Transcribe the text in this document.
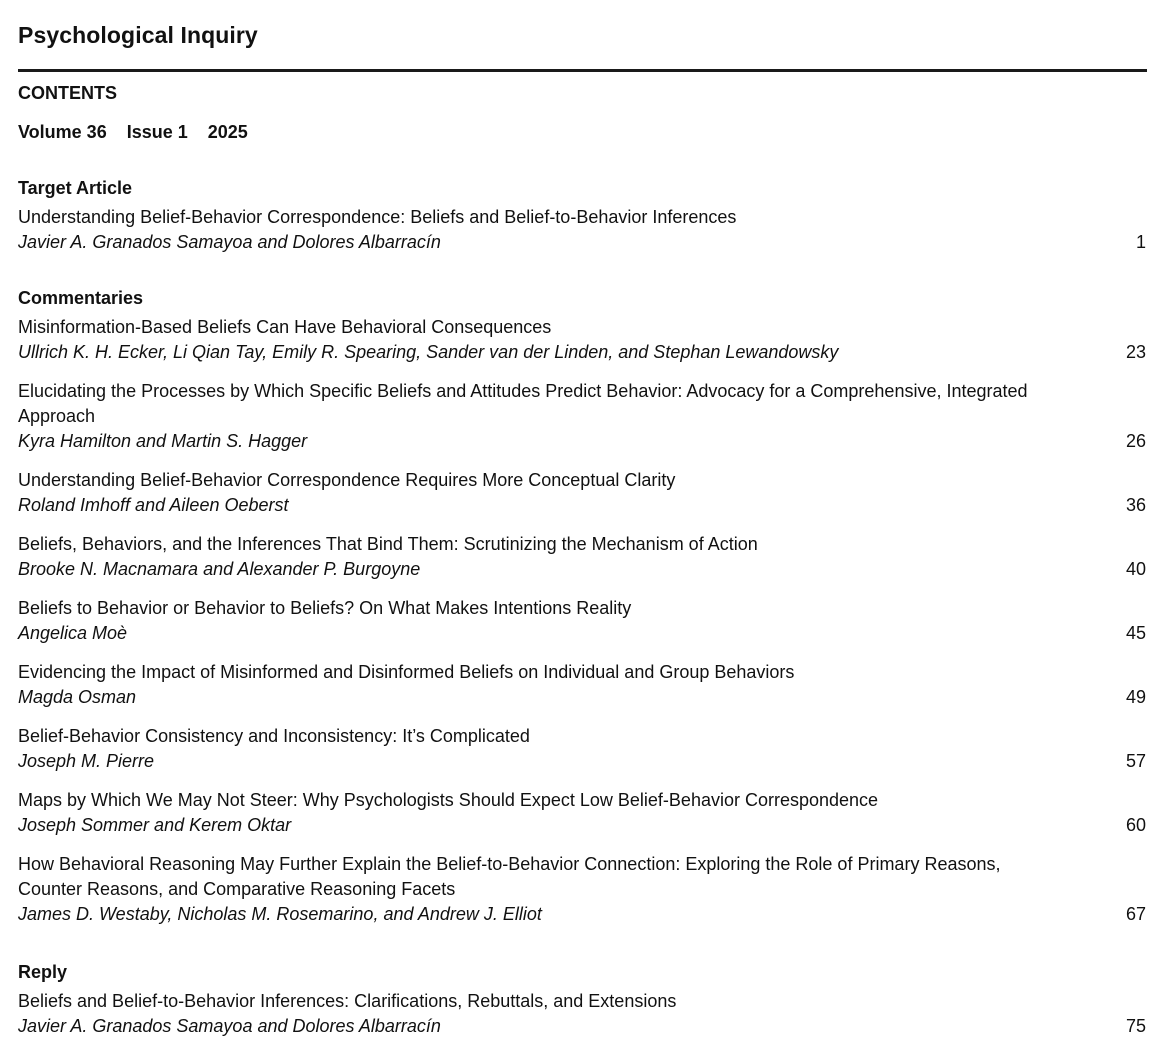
Psychological Inquiry
CONTENTS
Volume 36 Issue 1 2025
Target Article
Understanding Belief-Behavior Correspondence: Beliefs and Belief-to-Behavior Inferences
Javier A. Granados Samayoa and Dolores Albarracín	1
Commentaries
Misinformation-Based Beliefs Can Have Behavioral Consequences
Ullrich K. H. Ecker, Li Qian Tay, Emily R. Spearing, Sander van der Linden, and Stephan Lewandowsky	23
Elucidating the Processes by Which Specific Beliefs and Attitudes Predict Behavior: Advocacy for a Comprehensive, Integrated Approach
Kyra Hamilton and Martin S. Hagger	26
Understanding Belief-Behavior Correspondence Requires More Conceptual Clarity
Roland Imhoff and Aileen Oeberst	36
Beliefs, Behaviors, and the Inferences That Bind Them: Scrutinizing the Mechanism of Action
Brooke N. Macnamara and Alexander P. Burgoyne	40
Beliefs to Behavior or Behavior to Beliefs? On What Makes Intentions Reality
Angelica Moè	45
Evidencing the Impact of Misinformed and Disinformed Beliefs on Individual and Group Behaviors
Magda Osman	49
Belief-Behavior Consistency and Inconsistency: It’s Complicated
Joseph M. Pierre	57
Maps by Which We May Not Steer: Why Psychologists Should Expect Low Belief-Behavior Correspondence
Joseph Sommer and Kerem Oktar	60
How Behavioral Reasoning May Further Explain the Belief-to-Behavior Connection: Exploring the Role of Primary Reasons, Counter Reasons, and Comparative Reasoning Facets
James D. Westaby, Nicholas M. Rosemarino, and Andrew J. Elliot	67
Reply
Beliefs and Belief-to-Behavior Inferences: Clarifications, Rebuttals, and Extensions
Javier A. Granados Samayoa and Dolores Albarracín	75
